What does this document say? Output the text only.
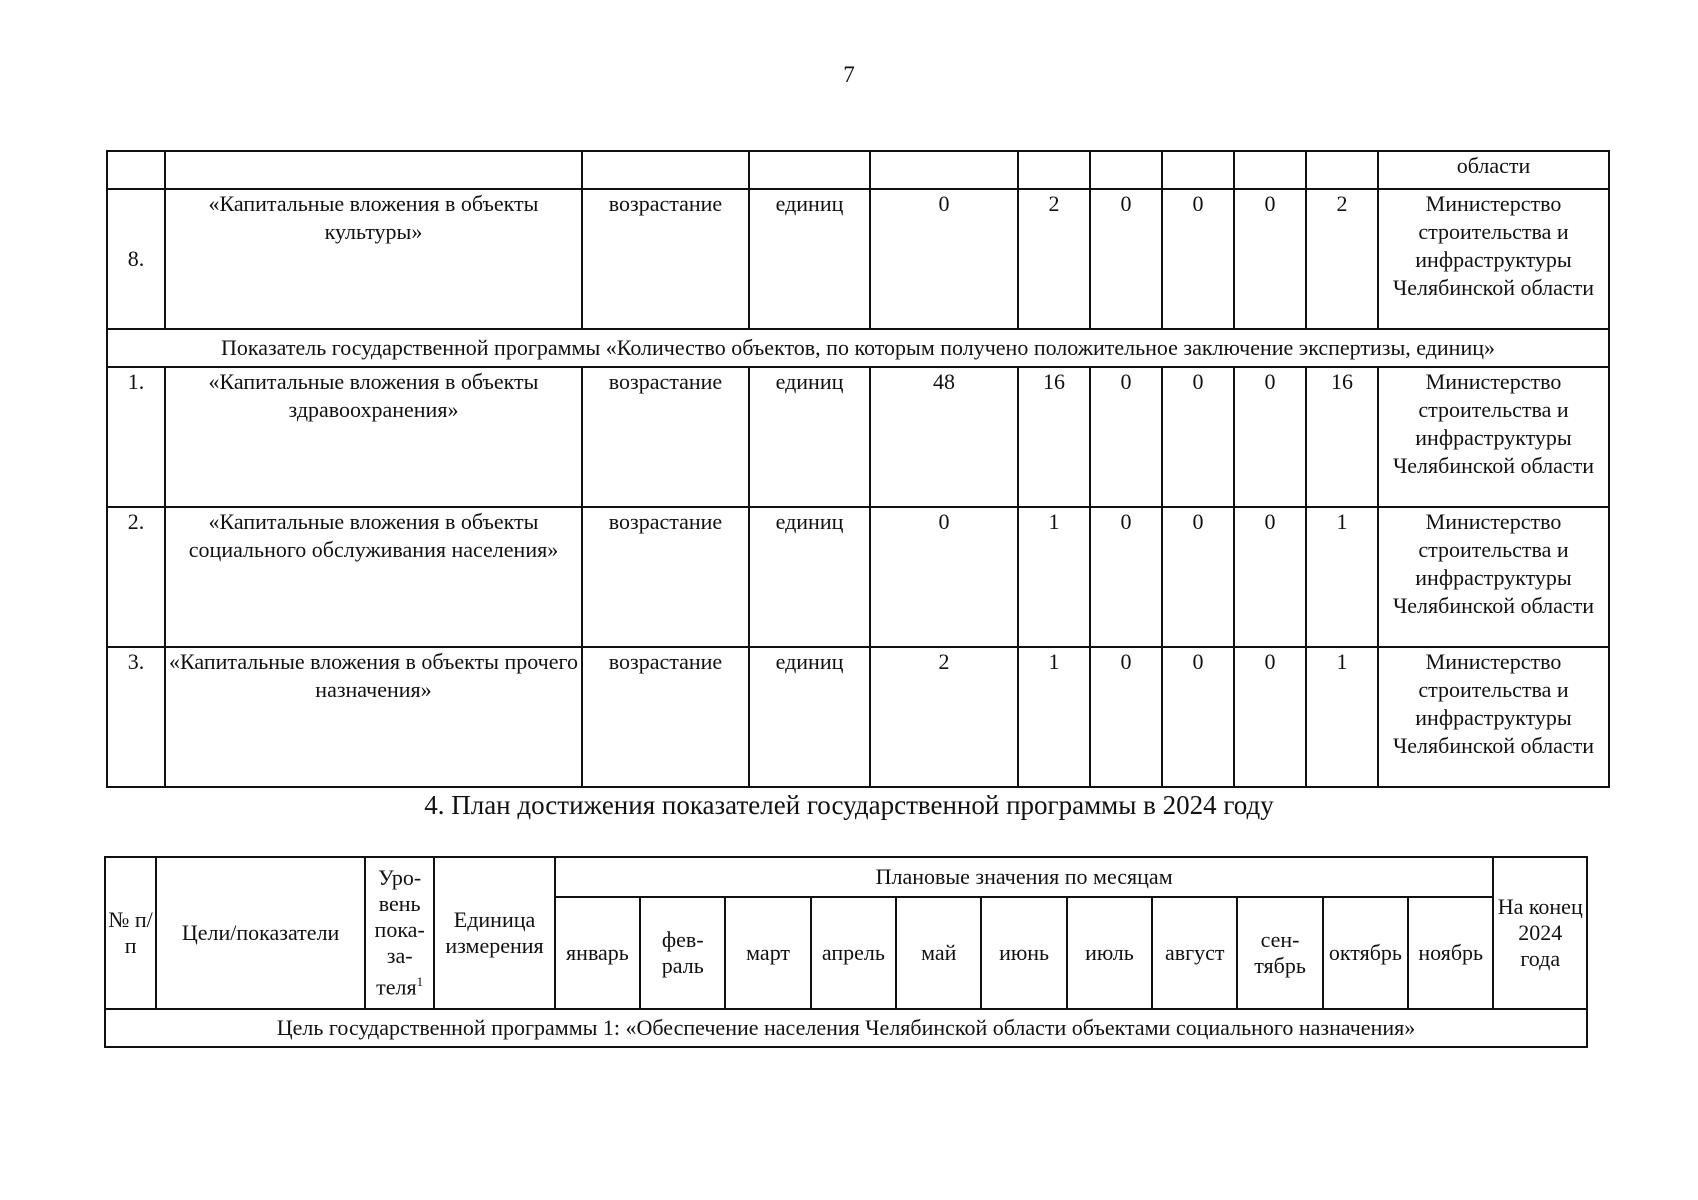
7
										области
8.	«Капитальные вложения в объекты культуры»	возрастание	единиц	0	2	0	0	0	2	Министерство строительства и инфраструктуры Челябинской области
Показатель государственной программы «Количество объектов, по которым получено положительное заключение экспертизы, единиц»										
1.	«Капитальные вложения в объекты здравоохранения»	возрастание	единиц	48	16	0	0	0	16	Министерство строительства и инфраструктуры Челябинской области
2.	«Капитальные вложения в объекты социального обслуживания населения»	возрастание	единиц	0	1	0	0	0	1	Министерство строительства и инфраструктуры Челябинской области
3.	«Капитальные вложения в объекты прочего назначения»	возрастание	единиц	2	1	0	0	0	1	Министерство строительства и инфраструктуры Челябинской области
4. План достижения показателей государственной программы в 2024 году
№ п/п	Цели/показатели	Уро-вень пока-за-теля$^1$	Единица измерения	Плановые значения по месяцам											На конец 2024 года
				январь	фев-раль	март	апрель	май	июнь	июль	август	сен-тябрь	октябрь	ноябрь	
Цель государственной программы 1: «Обеспечение населения Челябинской области объектами социального назначения»															
